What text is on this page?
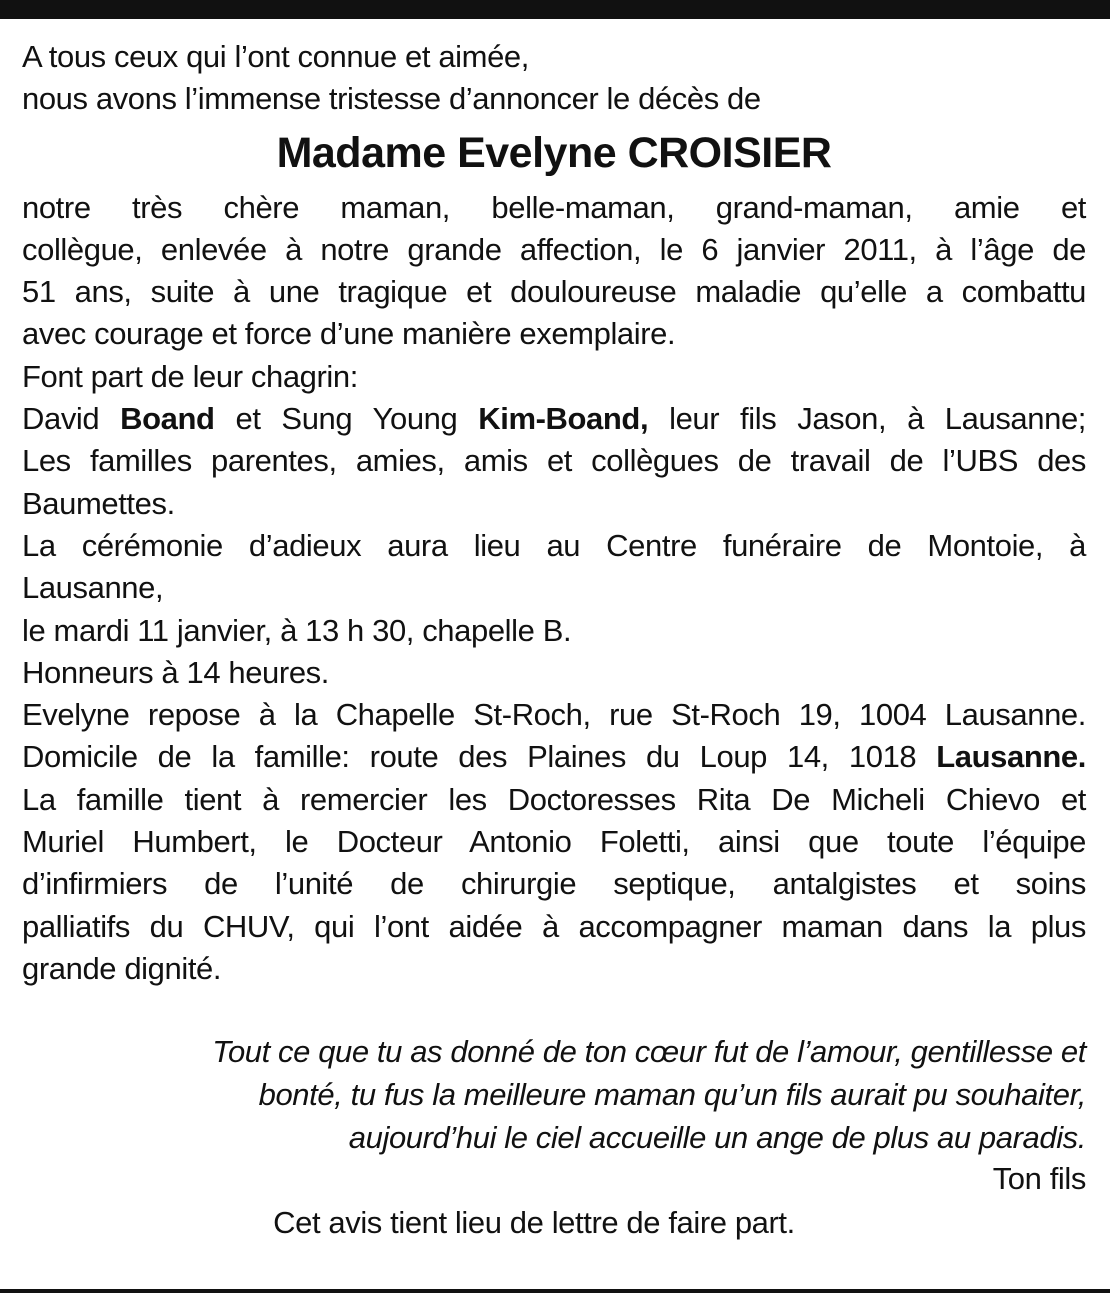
A tous ceux qui l’ont connue et aimée,
nous avons l’immense tristesse d’annoncer le décès de
Madame Evelyne CROISIER
notre très chère maman, belle-maman, grand-maman, amie et
collègue, enlevée à notre grande affection, le 6 janvier 2011, à l’âge de
51 ans, suite à une tragique et douloureuse maladie qu’elle a combattu
avec courage et force d’une manière exemplaire.
Font part de leur chagrin:
David Boand et Sung Young Kim-Boand, leur fils Jason, à Lausanne;
Les familles parentes, amies, amis et collègues de travail de l’UBS des
Baumettes.
La cérémonie d’adieux aura lieu au Centre funéraire de Montoie, à
Lausanne,
le mardi 11 janvier, à 13 h 30, chapelle B.
Honneurs à 14 heures.
Evelyne repose à la Chapelle St-Roch, rue St-Roch 19, 1004 Lausanne.
Domicile de la famille: route des Plaines du Loup 14, 1018 Lausanne.
La famille tient à remercier les Doctoresses Rita De Micheli Chievo et
Muriel Humbert, le Docteur Antonio Foletti, ainsi que toute l’équipe
d’infirmiers de l’unité de chirurgie septique, antalgistes et soins
palliatifs du CHUV, qui l’ont aidée à accompagner maman dans la plus
grande dignité.
Tout ce que tu as donné de ton cœur fut de l’amour, gentillesse et
bonté, tu fus la meilleure maman qu’un fils aurait pu souhaiter,
aujourd’hui le ciel accueille un ange de plus au paradis.
Ton fils
Cet avis tient lieu de lettre de faire part.
